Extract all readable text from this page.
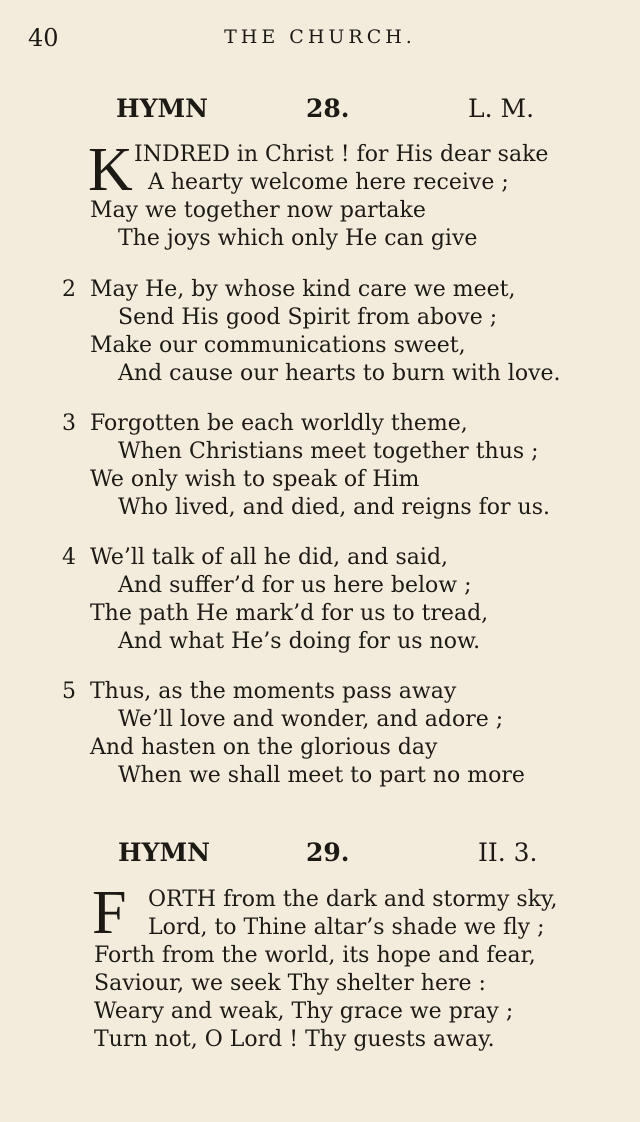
40	THE CHURCH.
HYMN	28.	L. M.
K INDRED in Christ ! for His dear sake
A hearty welcome here receive ;
May we together now partake
The joys which only He can give
2 May He, by whose kind care we meet,
Send His good Spirit from above ;
Make our communications sweet,
And cause our hearts to burn with love.
3 Forgotten be each worldly theme,
When Christians meet together thus ;
We only wish to speak of Him
Who lived, and died, and reigns for us.
4 We’ll talk of all he did, and said,
And suffer’d for us here below ;
The path He mark’d for us to tread,
And what He’s doing for us now.
5 Thus, as the moments pass away
We’ll love and wonder, and adore ;
And hasten on the glorious day
When we shall meet to part no more
HYMN	29.	II. 3.
F ORTH from the dark and stormy sky,
Lord, to Thine altar’s shade we fly ;
Forth from the world, its hope and fear,
Saviour, we seek Thy shelter here :
Weary and weak, Thy grace we pray ;
Turn not, O Lord ! Thy guests away.
